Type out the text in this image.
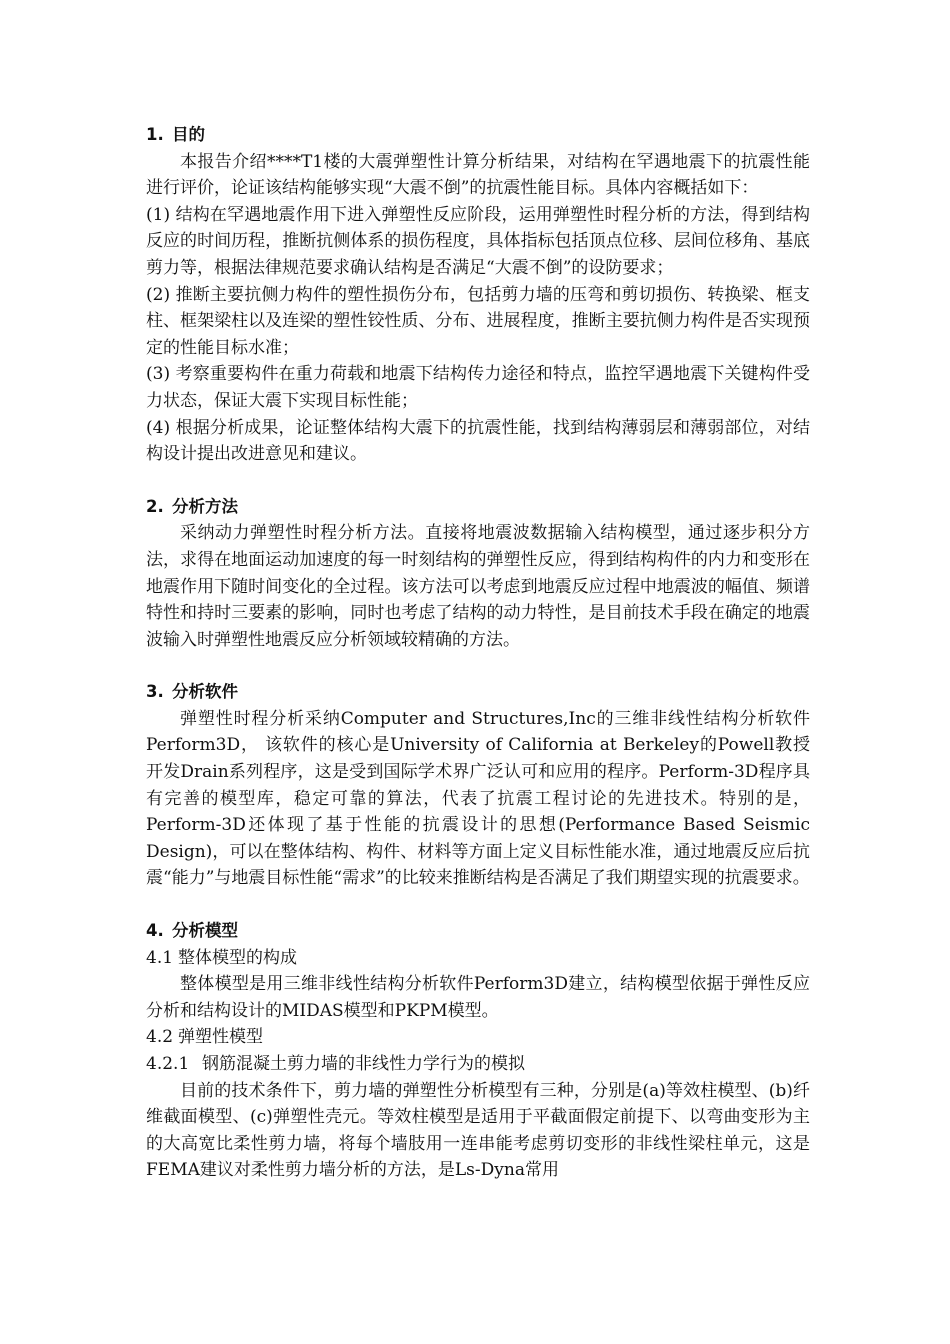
1. 目的

本报告介绍****T1楼的大震弹塑性计算分析结果，对结构在罕遇地震下的抗震性能进行评价，论证该结构能够实现“大震不倒”的抗震性能目标。具体内容概括如下：

(1) 结构在罕遇地震作用下进入弹塑性反应阶段，运用弹塑性时程分析的方法，得到结构反应的时间历程，推断抗侧体系的损伤程度，具体指标包括顶点位移、层间位移角、基底剪力等，根据法律规范要求确认结构是否满足“大震不倒”的设防要求；

(2) 推断主要抗侧力构件的塑性损伤分布，包括剪力墙的压弯和剪切损伤、转换梁、框支柱、框架梁柱以及连梁的塑性铰性质、分布、进展程度，推断主要抗侧力构件是否实现预定的性能目标水准；

(3) 考察重要构件在重力荷载和地震下结构传力途径和特点，监控罕遇地震下关键构件受力状态，保证大震下实现目标性能；

(4) 根据分析成果，论证整体结构大震下的抗震性能，找到结构薄弱层和薄弱部位，对结构设计提出改进意见和建议。

2. 分析方法

采纳动力弹塑性时程分析方法。直接将地震波数据输入结构模型，通过逐步积分方法，求得在地面运动加速度的每一时刻结构的弹塑性反应，得到结构构件的内力和变形在地震作用下随时间变化的全过程。该方法可以考虑到地震反应过程中地震波的幅值、频谱特性和持时三要素的影响，同时也考虑了结构的动力特性，是目前技术手段在确定的地震波输入时弹塑性地震反应分析领域较精确的方法。

3. 分析软件

弹塑性时程分析采纳Computer and Structures,Inc的三维非线性结构分析软件Perform3D， 该软件的核心是University of California at Berkeley的Powell教授开发Drain系列程序，这是受到国际学术界广泛认可和应用的程序。Perform-3D程序具有完善的模型库，稳定可靠的算法，代表了抗震工程讨论的先进技术。特别的是，Perform-3D还体现了基于性能的抗震设计的思想(Performance Based Seismic Design)，可以在整体结构、构件、材料等方面上定义目标性能水准，通过地震反应后抗震“能力”与地震目标性能“需求”的比较来推断结构是否满足了我们期望实现的抗震要求。

4. 分析模型
4.1 整体模型的构成

整体模型是用三维非线性结构分析软件Perform3D建立，结构模型依据于弹性反应分析和结构设计的MIDAS模型和PKPM模型。

4.2 弹塑性模型
4.2.1 钢筋混凝土剪力墙的非线性力学行为的模拟

目前的技术条件下，剪力墙的弹塑性分析模型有三种，分别是(a)等效柱模型、(b)纤维截面模型、(c)弹塑性壳元。等效柱模型是适用于平截面假定前提下、以弯曲变形为主的大高宽比柔性剪力墙，将每个墙肢用一连串能考虑剪切变形的非线性梁柱单元，这是FEMA建议对柔性剪力墙分析的方法，是Ls-Dyna常用
